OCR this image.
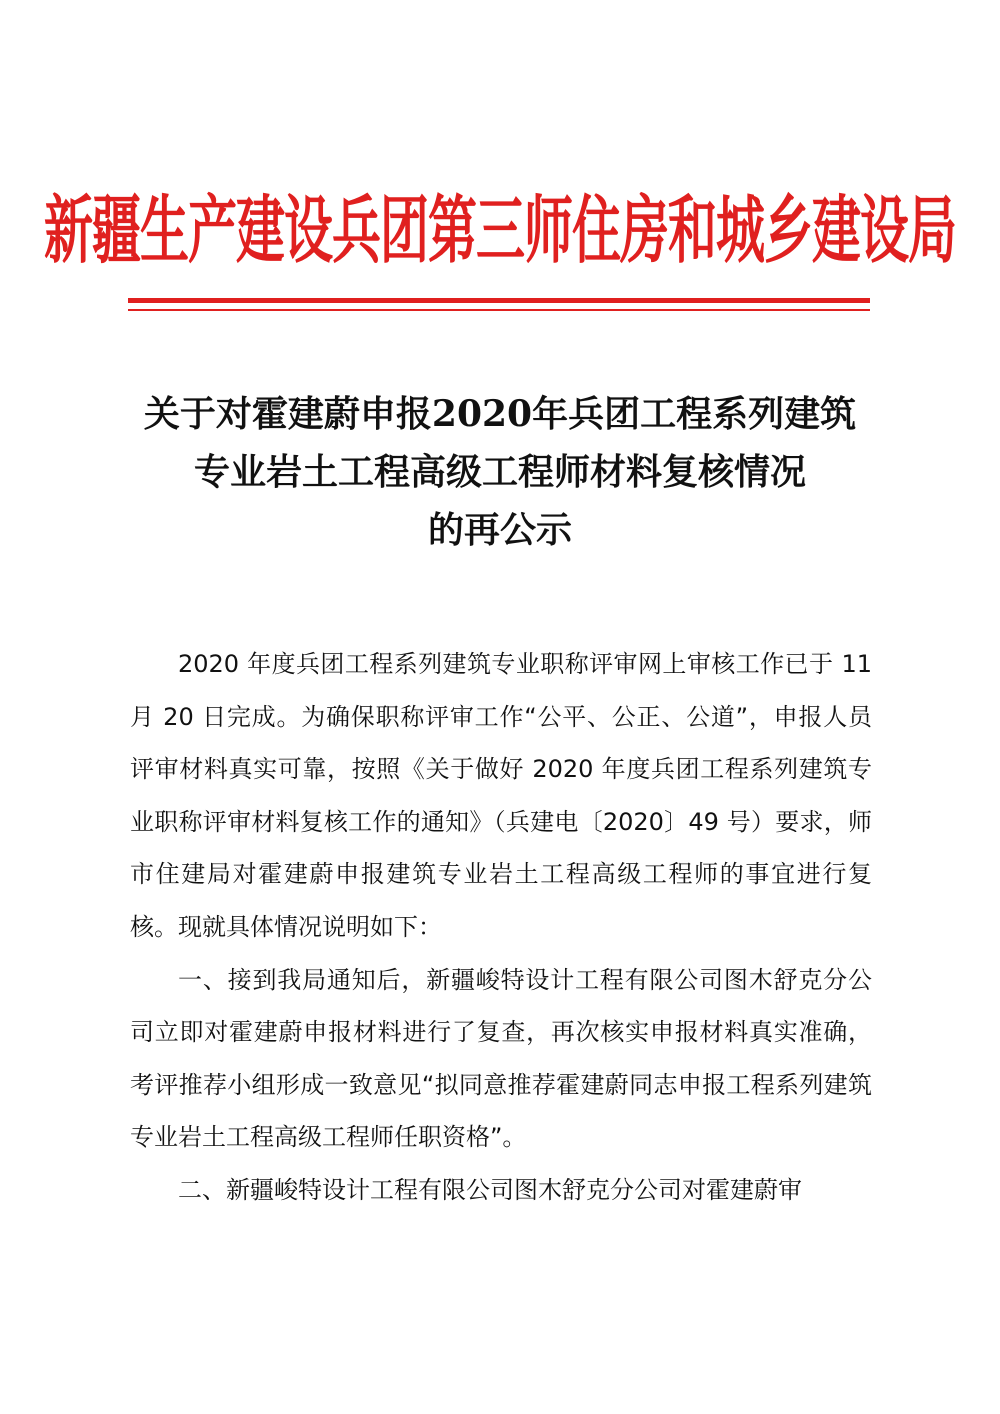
新疆生产建设兵团第三师住房和城乡建设局
关于对霍建蔚申报2020年兵团工程系列建筑
专业岩土工程高级工程师材料复核情况
的再公示

2020 年度兵团工程系列建筑专业职称评审网上审核工作已于 11 月 20 日完成。为确保职称评审工作“公平、公正、公道”，申报人员评审材料真实可靠，按照《关于做好 2020 年度兵团工程系列建筑专业职称评审材料复核工作的通知》（兵建电〔2020〕49 号）要求，师市住建局对霍建蔚申报建筑专业岩土工程高级工程师的事宜进行复核。现就具体情况说明如下：

一、接到我局通知后，新疆峻特设计工程有限公司图木舒克分公司立即对霍建蔚申报材料进行了复查，再次核实申报材料真实准确，考评推荐小组形成一致意见“拟同意推荐霍建蔚同志申报工程系列建筑专业岩土工程高级工程师任职资格”。

二、新疆峻特设计工程有限公司图木舒克分公司对霍建蔚审
